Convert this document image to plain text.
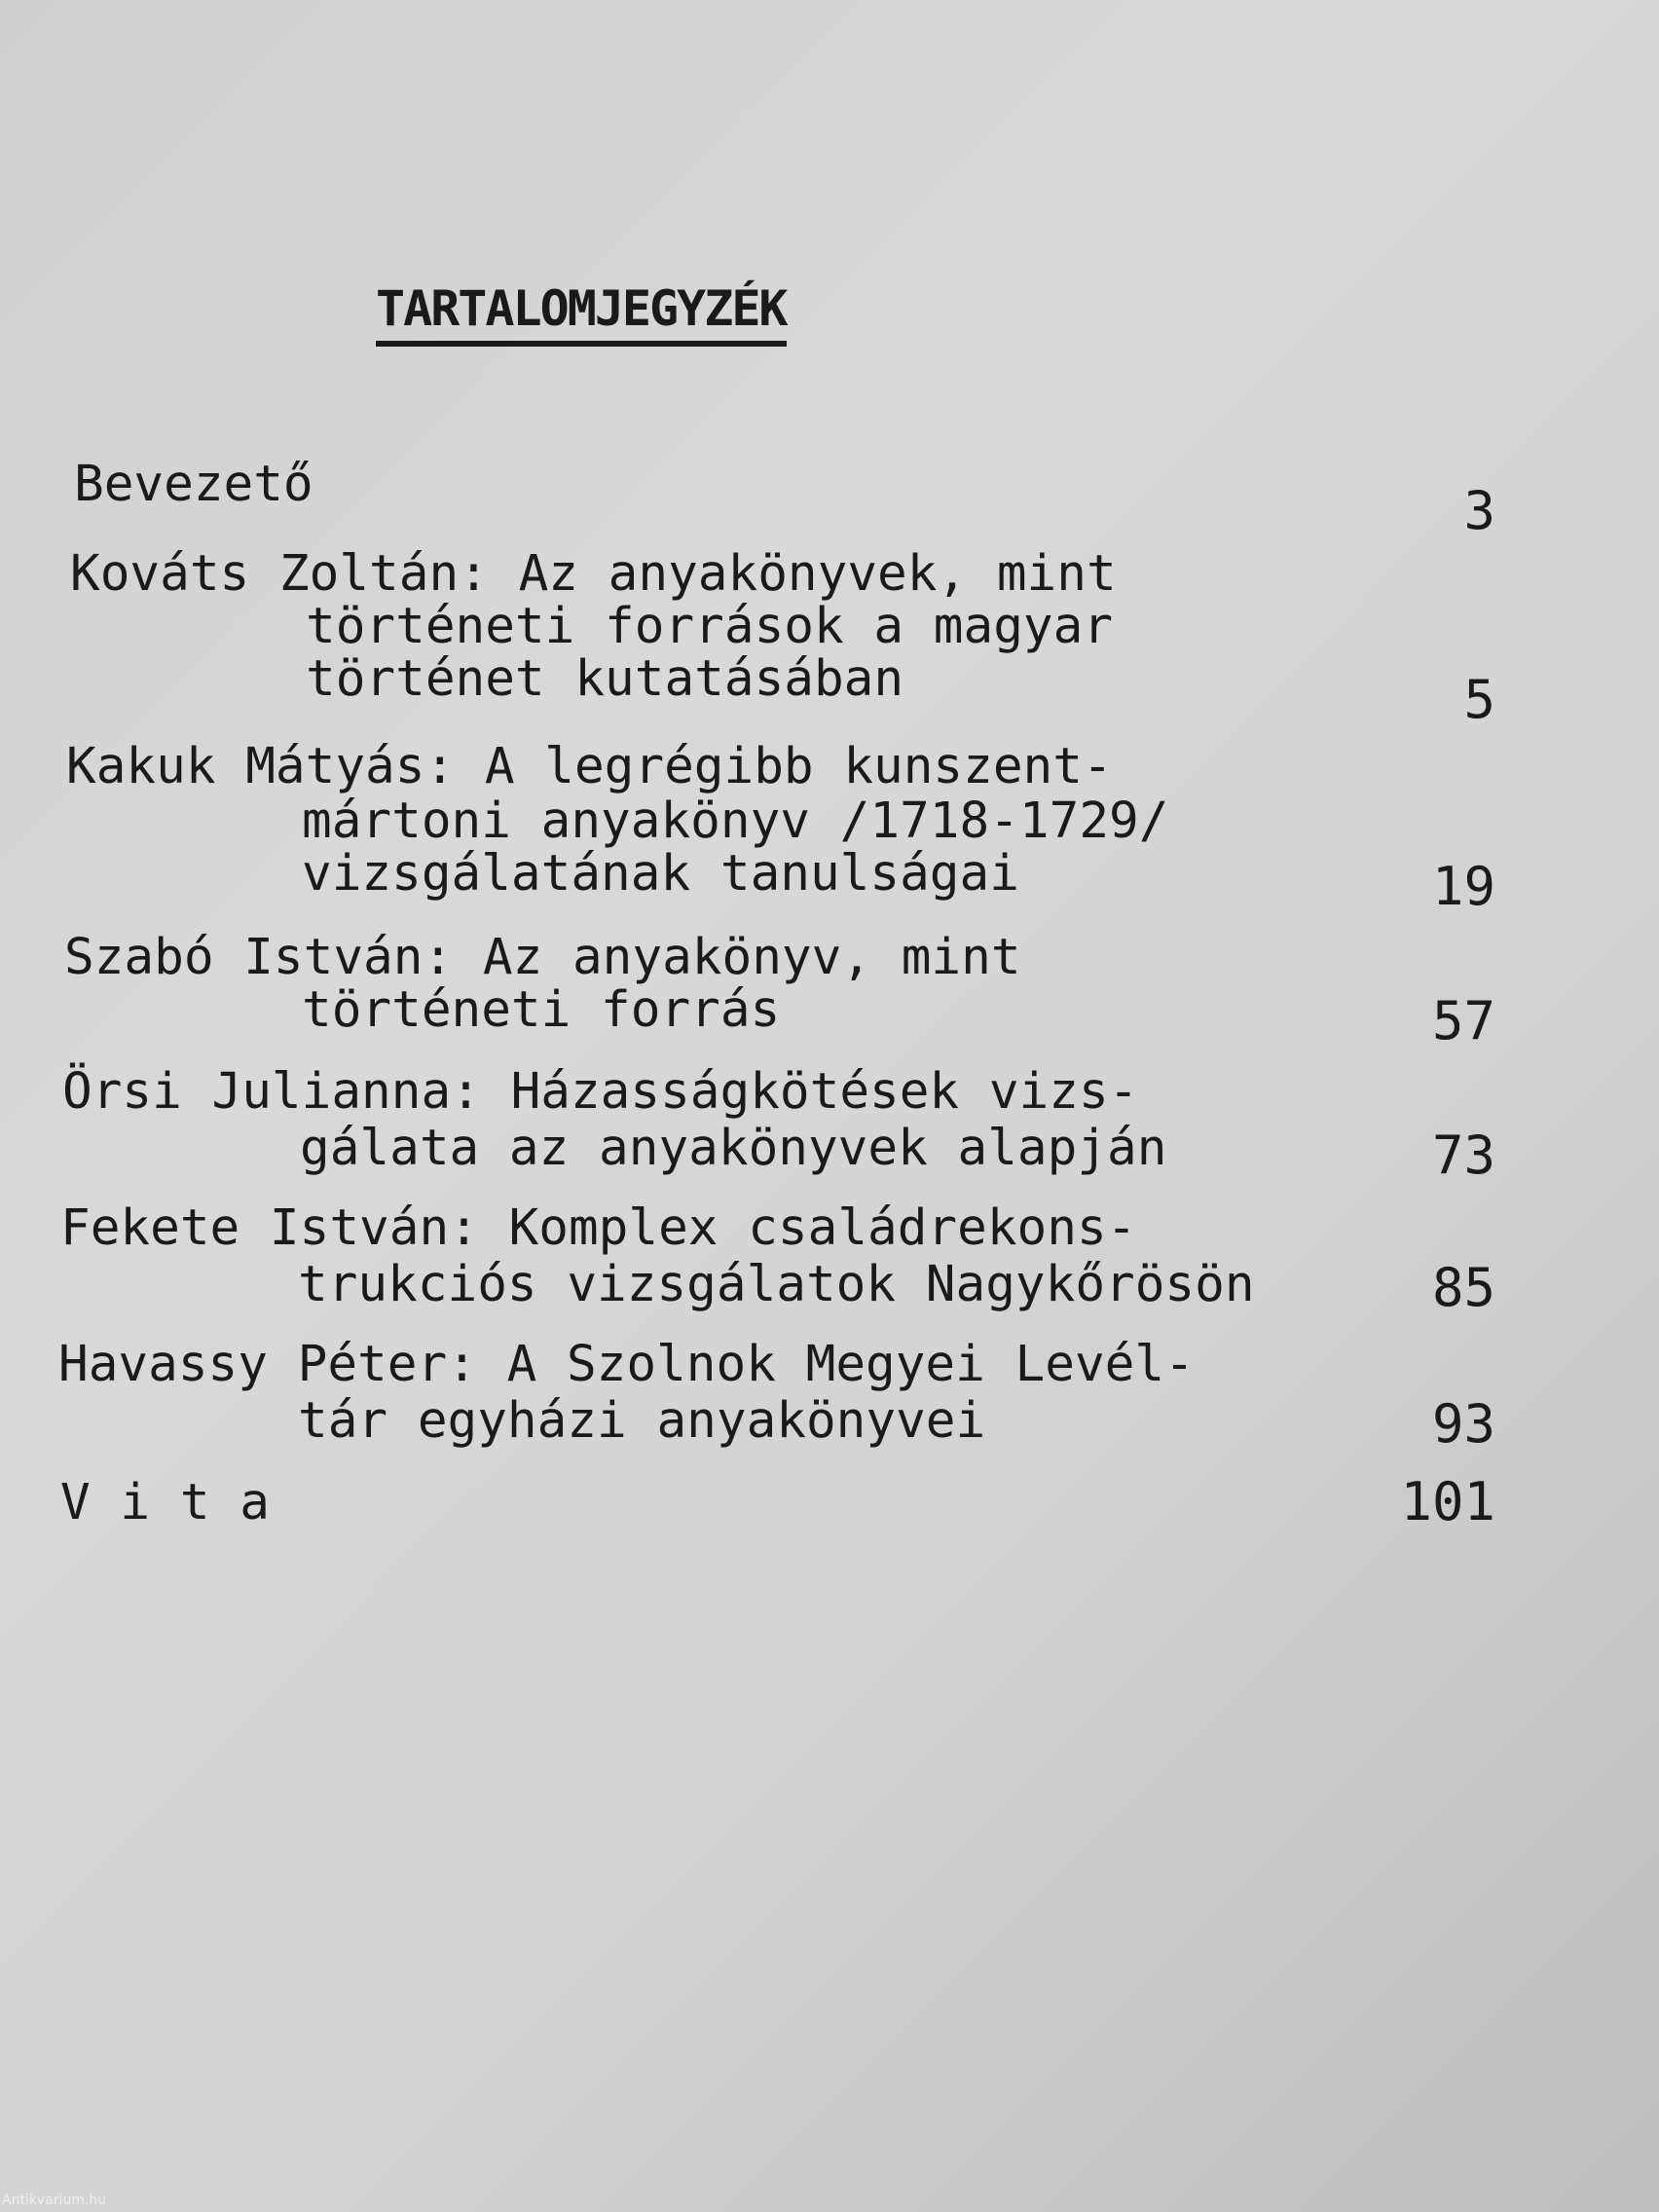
TARTALOMJEGYZÉK
Bevezető	3
Kováts Zoltán: Az anyakönyvek, mint
történeti források a magyar
történet kutatásában	5
Kakuk Mátyás: A legrégibb kunszent-
mártoni anyakönyv /1718-1729/
vizsgálatának tanulságai	19
Szabó István: Az anyakönyv, mint
történeti forrás	57
Örsi Julianna: Házasságkötések vizs-
gálata az anyakönyvek alapján	73
Fekete István: Komplex családrekons-
trukciós vizsgálatok Nagykőrösön	85
Havassy Péter: A Szolnok Megyei Levél-
tár egyházi anyakönyvei	93
V i t a	101
Antikvarium.hu
